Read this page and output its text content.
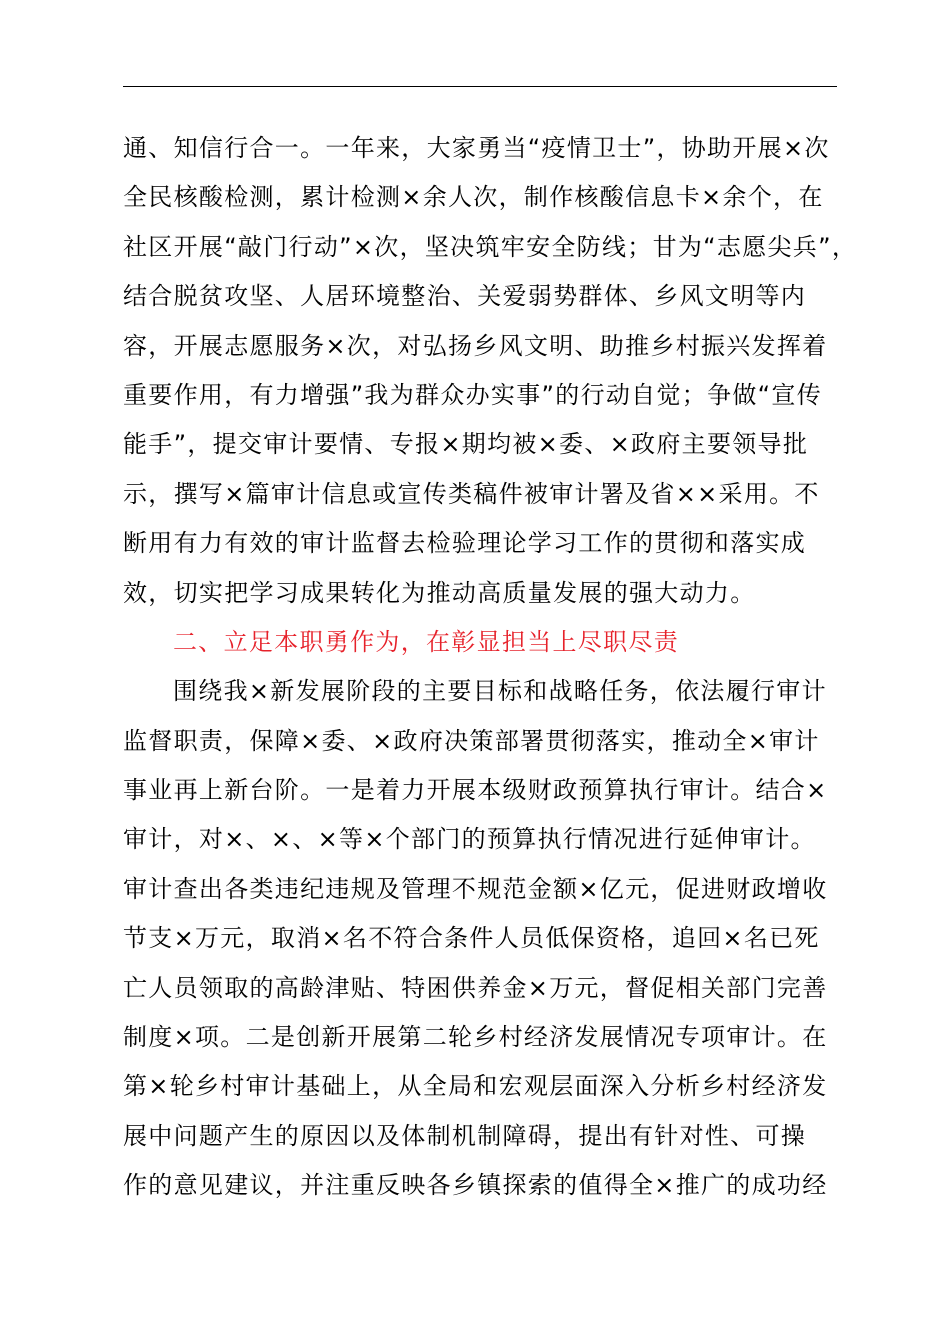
通、知信行合一。一年来，大家勇当“疫情卫士”，协助开展×次
全民核酸检测，累计检测×余人次，制作核酸信息卡×余个，在
社区开展“敲门行动”×次，坚决筑牢安全防线；甘为“志愿尖兵”，
结合脱贫攻坚、人居环境整治、关爱弱势群体、乡风文明等内
容，开展志愿服务×次，对弘扬乡风文明、助推乡村振兴发挥着
重要作用，有力增强”我为群众办实事”的行动自觉；争做“宣传
能手”，提交审计要情、专报×期均被×委、×政府主要领导批
示，撰写×篇审计信息或宣传类稿件被审计署及省××采用。不
断用有力有效的审计监督去检验理论学习工作的贯彻和落实成
效，切实把学习成果转化为推动高质量发展的强大动力。
二、立足本职勇作为，在彰显担当上尽职尽责
围绕我×新发展阶段的主要目标和战略任务，依法履行审计
监督职责，保障×委、×政府决策部署贯彻落实，推动全×审计
事业再上新台阶。一是着力开展本级财政预算执行审计。结合×
审计，对×、×、×等×个部门的预算执行情况进行延伸审计。
审计查出各类违纪违规及管理不规范金额×亿元，促进财政增收
节支×万元，取消×名不符合条件人员低保资格，追回×名已死
亡人员领取的高龄津贴、特困供养金×万元，督促相关部门完善
制度×项。二是创新开展第二轮乡村经济发展情况专项审计。在
第×轮乡村审计基础上，从全局和宏观层面深入分析乡村经济发
展中问题产生的原因以及体制机制障碍，提出有针对性、可操
作的意见建议，并注重反映各乡镇探索的值得全×推广的成功经
